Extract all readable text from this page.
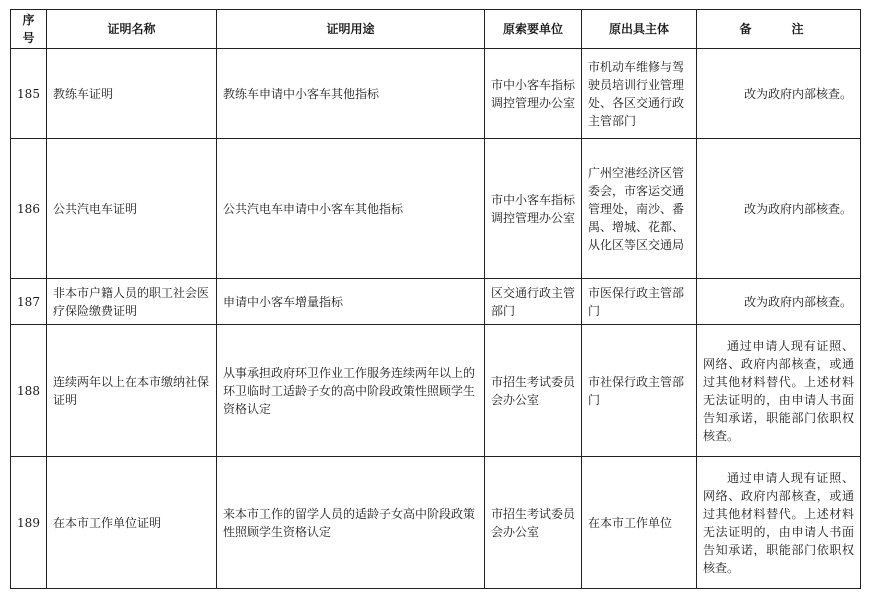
序号	证明名称	证明用途	原索要单位	原出具主体	备　注
185	教练车证明	教练车申请中小客车其他指标	市中小客车指标调控管理办公室	市机动车维修与驾驶员培训行业管理处、各区交通行政主管部门	改为政府内部核查。
186	公共汽电车证明	公共汽电车申请中小客车其他指标	市中小客车指标调控管理办公室	广州空港经济区管委会，市客运交通管理处，南沙、番禺、增城、花都、从化区等区交通局	改为政府内部核查。
187	非本市户籍人员的职工社会医疗保险缴费证明	申请中小客车增量指标	区交通行政主管部门	市医保行政主管部门	改为政府内部核查。
188	连续两年以上在本市缴纳社保证明	从事承担政府环卫作业工作服务连续两年以上的环卫临时工适龄子女的高中阶段政策性照顾学生资格认定	市招生考试委员会办公室	市社保行政主管部门	通过申请人现有证照、网络、政府内部核查，或通过其他材料替代。上述材料无法证明的，由申请人书面告知承诺，职能部门依职权核查。
189	在本市工作单位证明	来本市工作的留学人员的适龄子女高中阶段政策性照顾学生资格认定	市招生考试委员会办公室	在本市工作单位	通过申请人现有证照、网络、政府内部核查，或通过其他材料替代。上述材料无法证明的，由申请人书面告知承诺，职能部门依职权核查。
